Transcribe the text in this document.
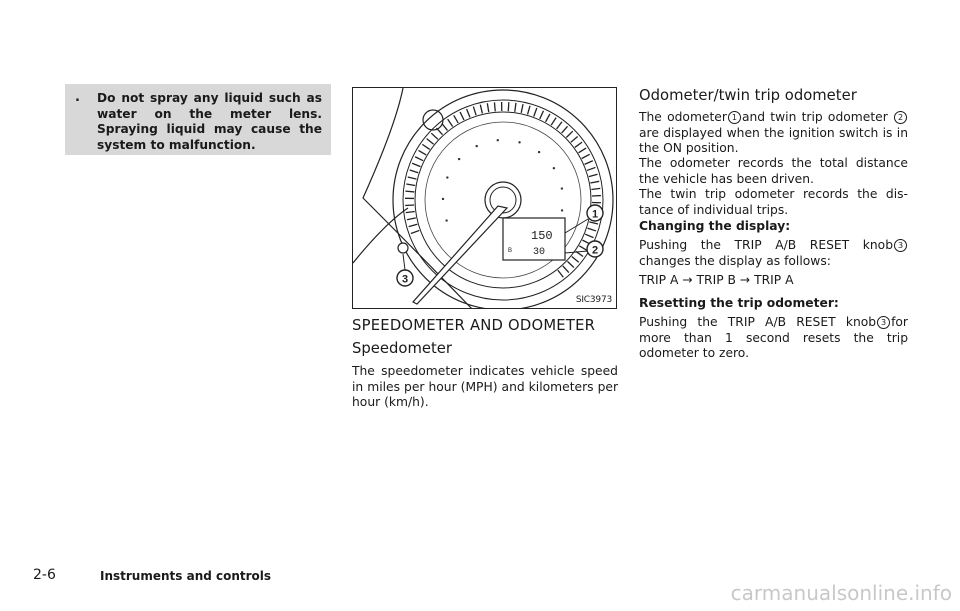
. Do not spray any liquid such as water on the meter lens. Spraying liquid may cause the system to malfunction.
150
30
B
1
2
3
SIC3973
SPEEDOMETER AND ODOMETER
Speedometer
The speedometer indicates vehicle speed in miles per hour (MPH) and kilometers per hour (km/h).
Odometer/twin trip odometer
The odometer 1 and twin trip odometer 2are displayed when the ignition switch is in the ON position.
The odometer records the total distance the vehicle has been driven.
The twin trip odometer records the dis- tance of individual trips.
Changing the display:
Pushing the TRIP A/B RESET knob 3 changes the display as follows:
TRIP A → TRIP B → TRIP A
Resetting the trip odometer:
Pushing the TRIP A/B RESET knob 3 for more than 1 second resets the trip odometer to zero.
2-6	Instruments and controls
carmanualsonline.info
